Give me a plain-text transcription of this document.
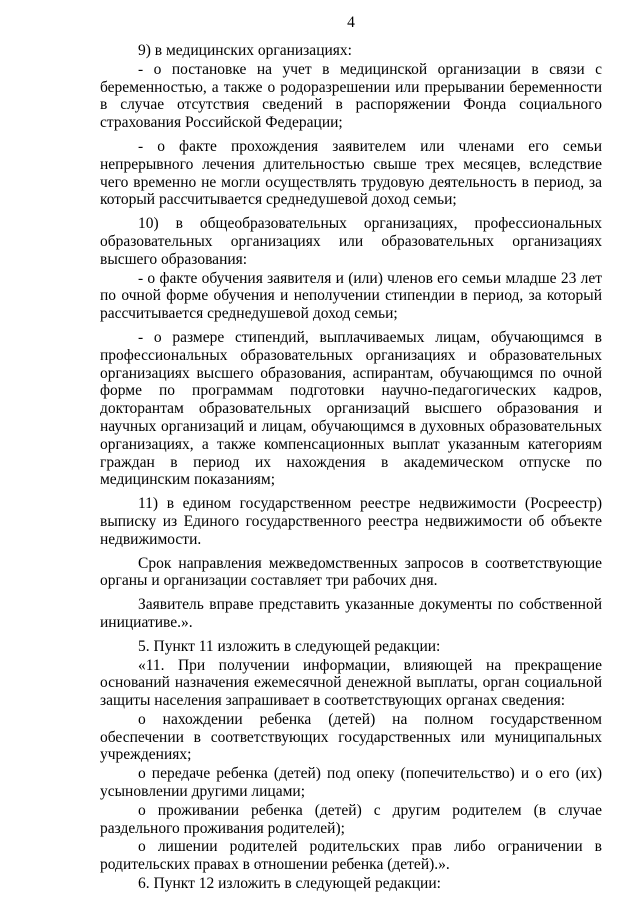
4

9) в медицинских организациях:

- о постановке на учет в медицинской организации в связи с беременностью, а также о родоразрешении или прерывании беременности в случае отсутствия сведений в распоряжении Фонда социального страхования Российской Федерации;

- о факте прохождения заявителем или членами его семьи непрерывного лечения длительностью свыше трех месяцев, вследствие чего временно не могли осуществлять трудовую деятельность в период, за который рассчитывается среднедушевой доход семьи;

10) в общеобразовательных организациях, профессиональных образовательных организациях или образовательных организациях высшего образования:

- о факте обучения заявителя и (или) членов его семьи младше 23 лет по очной форме обучения и неполучении стипендии в период, за который рассчитывается среднедушевой доход семьи;

- о размере стипендий, выплачиваемых лицам, обучающимся в профессиональных образовательных организациях и образовательных организациях высшего образования, аспирантам, обучающимся по очной форме по программам подготовки научно-педагогических кадров, докторантам образовательных организаций высшего образования и научных организаций и лицам, обучающимся в духовных образовательных организациях, а также компенсационных выплат указанным категориям граждан в период их нахождения в академическом отпуске по медицинским показаниям;

11) в едином государственном реестре недвижимости (Росреестр) выписку из Единого государственного реестра недвижимости об объекте недвижимости.

Срок направления межведомственных запросов в соответствующие органы и организации составляет три рабочих дня.

Заявитель вправе представить указанные документы по собственной инициативе.».

5. Пункт 11 изложить в следующей редакции:

«11. При получении информации, влияющей на прекращение оснований назначения ежемесячной денежной выплаты, орган социальной защиты населения запрашивает в соответствующих органах сведения:

о нахождении ребенка (детей) на полном государственном обеспечении в соответствующих государственных или муниципальных учреждениях;

о передаче ребенка (детей) под опеку (попечительство) и о его (их) усыновлении другими лицами;

о проживании ребенка (детей) с другим родителем (в случае раздельного проживания родителей);

о лишении родителей родительских прав либо ограничении в родительских правах в отношении ребенка (детей).».

6. Пункт 12 изложить в следующей редакции:
